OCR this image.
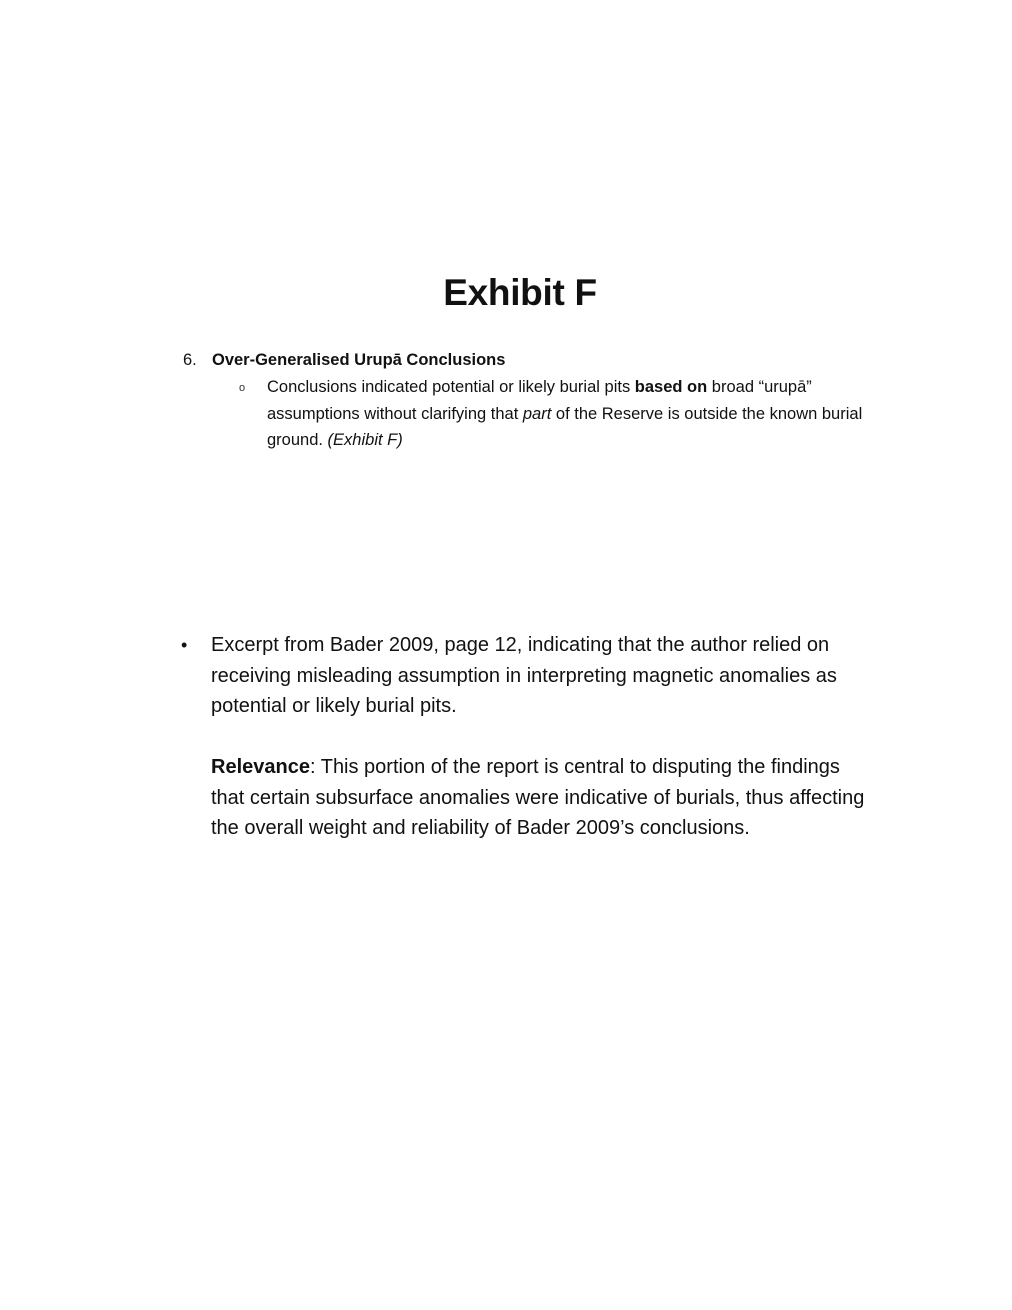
Exhibit F
6. Over-Generalised Urupā Conclusions
o	Conclusions indicated potential or likely burial pits based on broad “urupā” assumptions without clarifying that part of the Reserve is outside the known burial ground. (Exhibit F)
•	Excerpt from Bader 2009, page 12, indicating that the author relied on receiving misleading assumption in interpreting magnetic anomalies as potential or likely burial pits.

Relevance: This portion of the report is central to disputing the findings that certain subsurface anomalies were indicative of burials, thus affecting the overall weight and reliability of Bader 2009’s conclusions.
